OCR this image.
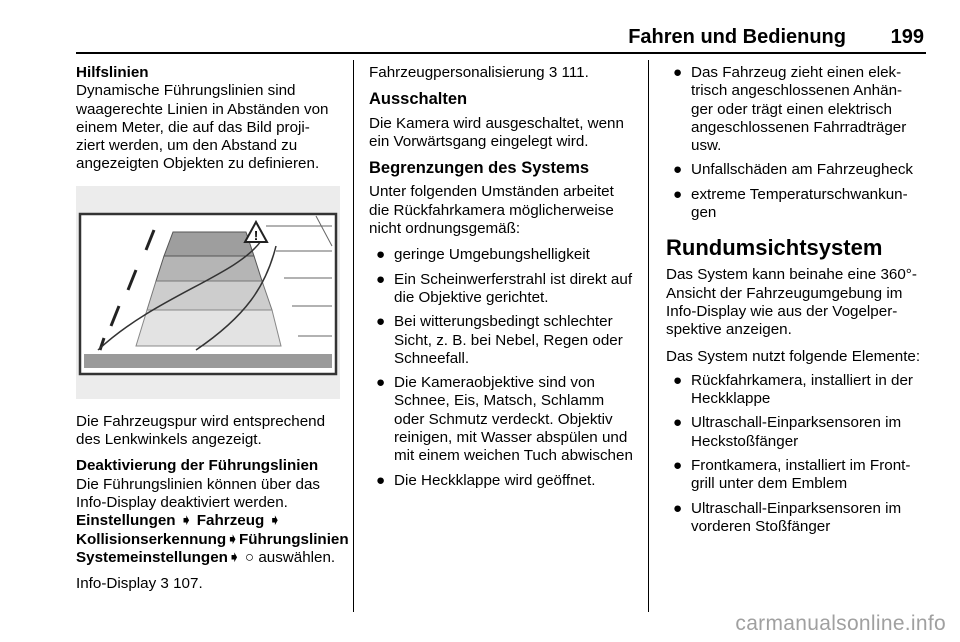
Fahren und Bedienung 199
Hilfslinien

Dynamische Führungslinien sind waagerechte Linien in Abständen von einem Meter, die auf das Bild proji- ziert werden, um den Abstand zu angezeigten Objekten zu definieren.

!

Die Fahrzeugspur wird entsprechend des Lenkwinkels angezeigt.

Deaktivierung der Führungslinien
Die Führungslinien können über das Info-Display deaktiviert werden.

Einstellungen ➧ Fahrzeug ➧
Kollisionserkennung➧Führungslinien
Systemeinstellungen➧ ○ auswählen.

Info-Display 3 107.

Fahrzeugpersonalisierung 3 111.

Ausschalten

Die Kamera wird ausgeschaltet, wenn ein Vorwärtsgang eingelegt wird.

Begrenzungen des Systems

Unter folgenden Umständen arbeitet die Rückfahrkamera möglicherweise nicht ordnungsgemäß:

● geringe Umgebungshelligkeit
● Ein Scheinwerferstrahl ist direkt auf die Objektive gerichtet.
● Bei witterungsbedingt schlechter Sicht, z. B. bei Nebel, Regen oder Schneefall.
● Die Kameraobjektive sind von Schnee, Eis, Matsch, Schlamm oder Schmutz verdeckt. Objektiv reinigen, mit Wasser abspülen und mit einem weichen Tuch abwischen
● Die Heckklappe wird geöffnet.
● Das Fahrzeug zieht einen elek- trisch angeschlossenen Anhän- ger oder trägt einen elektrisch angeschlossenen Fahrradträger usw.
● Unfallschäden am Fahrzeugheck
● extreme Temperaturschwankun- gen
Rundumsichtsystem

Das System kann beinahe eine 360°- Ansicht der Fahrzeugumgebung im Info-Display wie aus der Vogelper- spektive anzeigen.

Das System nutzt folgende Elemente:

● Rückfahrkamera, installiert in der Heckklappe
● Ultraschall-Einparksensoren im Heckstoßfänger
● Frontkamera, installiert im Front- grill unter dem Emblem
● Ultraschall-Einparksensoren im vorderen Stoßfänger
carmanualsonline.info
